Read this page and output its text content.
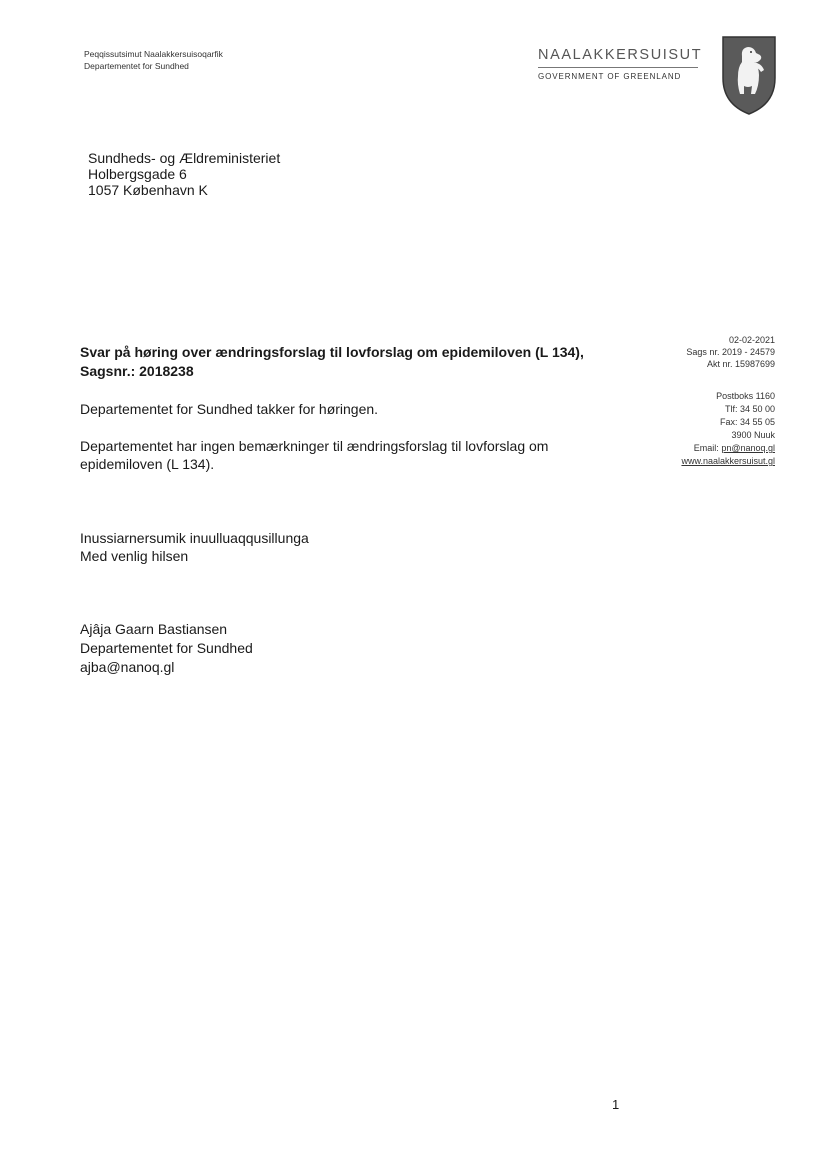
Peqqissutsimut Naalakkersuisoqarfik
Departementet for Sundhed
NAALAKKERSUISUT
GOVERNMENT OF GREENLAND
Sundheds- og Ældreministeriet
Holbergsgade 6
1057 København K
02-02-2021
Sags nr. 2019 - 24579
Akt nr. 15987699
Postboks 1160
Tlf: 34 50 00
Fax: 34 55 05
3900 Nuuk
Email: pn@nanoq.gl
www.naalakkersuisut.gl
Svar på høring over ændringsforslag til lovforslag om epidemiloven (L 134),
Sagsnr.: 2018238
Departementet for Sundhed takker for høringen.
Departementet har ingen bemærkninger til ændringsforslag til lovforslag om
epidemiloven (L 134).
Inussiarnersumik inuulluaqqusillunga
Med venlig hilsen
Ajâja Gaarn Bastiansen
Departementet for Sundhed
ajba@nanoq.gl
1
